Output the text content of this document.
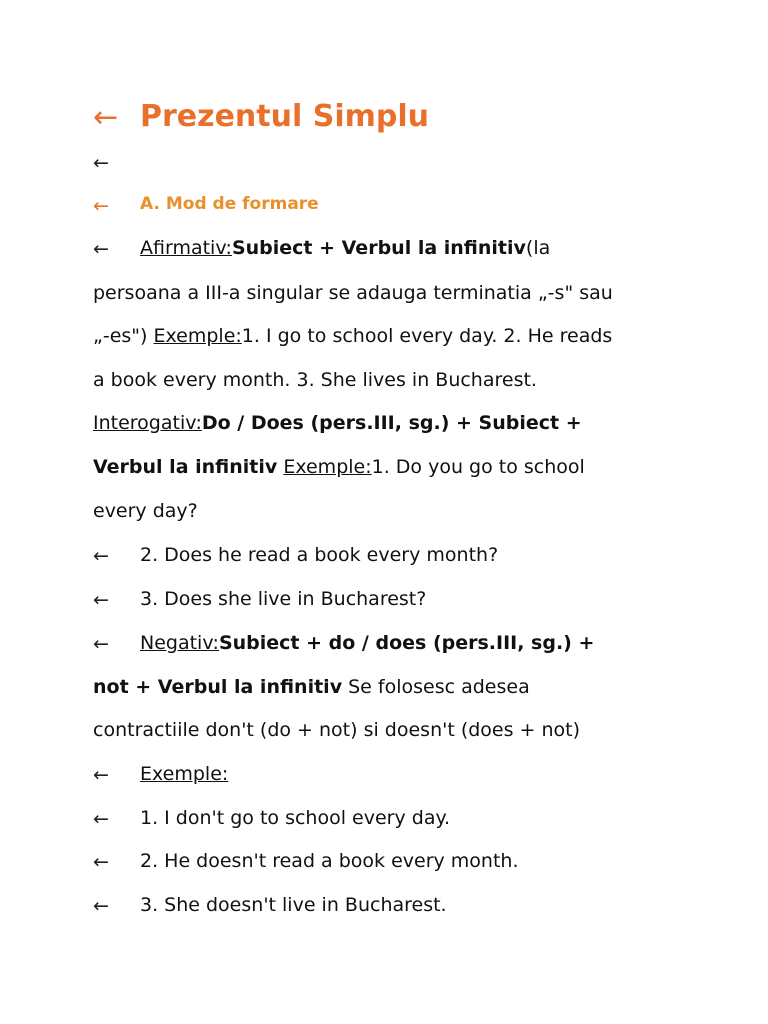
← Prezentul Simplu
←
← A. Mod de formare
← Afirmativ:Subiect + Verbul la infinitiv(la
persoana a III-a singular se adauga terminatia „-s" sau
„-es") Exemple:1. I go to school every day. 2. He reads
a book every month. 3. She lives in Bucharest.
Interogativ:Do / Does (pers.III, sg.) + Subiect +
Verbul la infinitiv Exemple:1. Do you go to school
every day?
← 2. Does he read a book every month?
← 3. Does she live in Bucharest?
← Negativ:Subiect + do / does (pers.III, sg.) +
not + Verbul la infinitiv Se folosesc adesea
contractiile don't (do + not) si doesn't (does + not)
← Exemple:
← 1. I don't go to school every day.
← 2. He doesn't read a book every month.
← 3. She doesn't live in Bucharest.
